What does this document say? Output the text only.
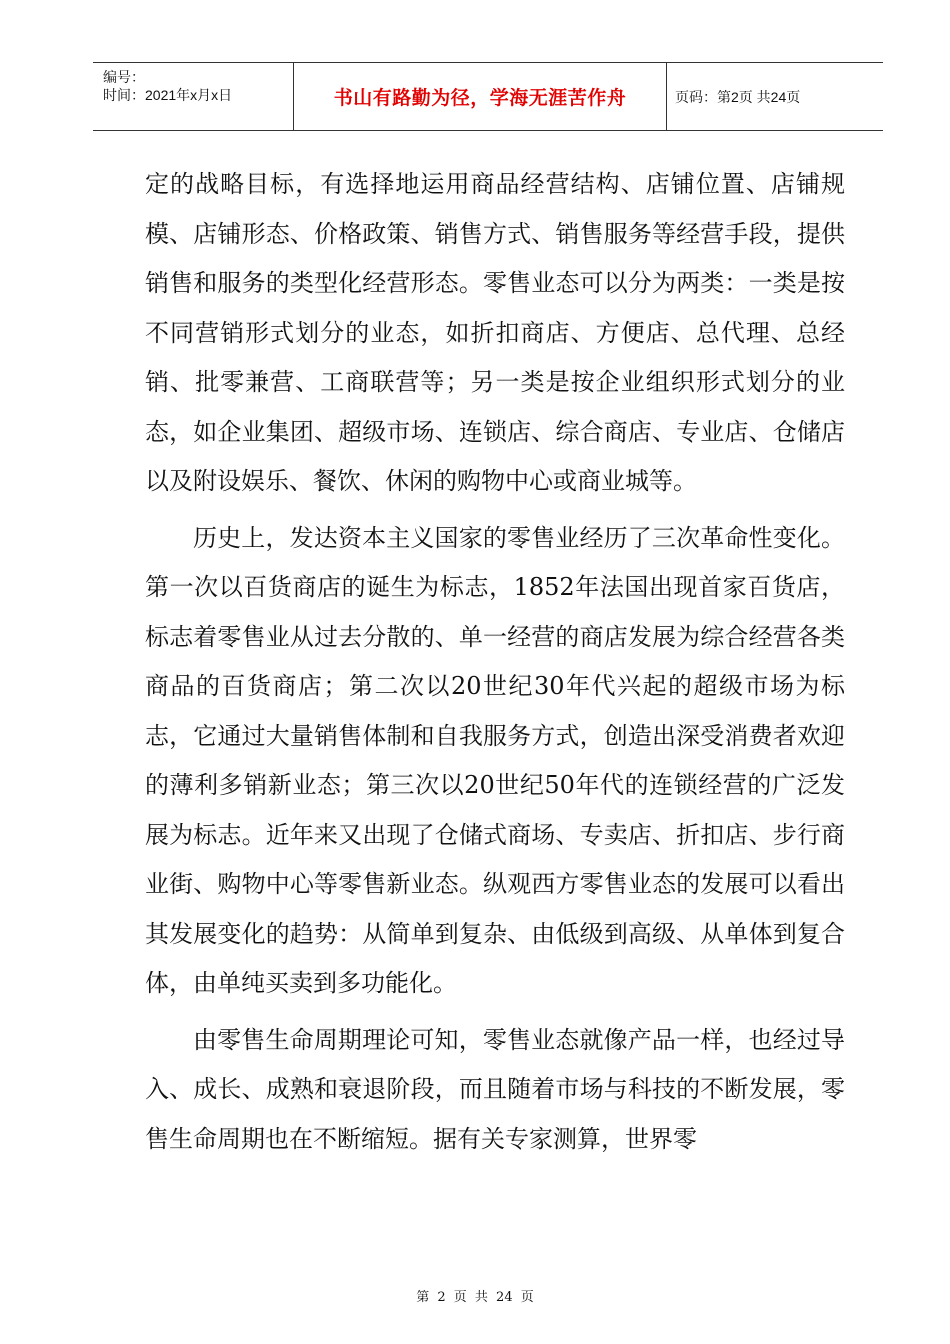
编号：
时间：2021年x月x日	书山有路勤为径，学海无涯苦作舟	页码：第2页 共24页

定的战略目标，有选择地运用商品经营结构、店铺位置、店铺规模、店铺形态、价格政策、销售方式、销售服务等经营手段，提供销售和服务的类型化经营形态。零售业态可以分为两类：一类是按不同营销形式划分的业态，如折扣商店、方便店、总代理、总经销、批零兼营、工商联营等；另一类是按企业组织形式划分的业态，如企业集团、超级市场、连锁店、综合商店、专业店、仓储店以及附设娱乐、餐饮、休闲的购物中心或商业城等。

历史上，发达资本主义国家的零售业经历了三次革命性变化。第一次以百货商店的诞生为标志，1852年法国出现首家百货店，标志着零售业从过去分散的、单一经营的商店发展为综合经营各类商品的百货商店；第二次以20世纪30年代兴起的超级市场为标志，它通过大量销售体制和自我服务方式，创造出深受消费者欢迎的薄利多销新业态；第三次以20世纪50年代的连锁经营的广泛发展为标志。近年来又出现了仓储式商场、专卖店、折扣店、步行商业街、购物中心等零售新业态。纵观西方零售业态的发展可以看出其发展变化的趋势：从简单到复杂、由低级到高级、从单体到复合体，由单纯买卖到多功能化。

由零售生命周期理论可知，零售业态就像产品一样，也经过导入、成长、成熟和衰退阶段，而且随着市场与科技的不断发展，零售生命周期也在不断缩短。据有关专家测算，世界零

第 2 页 共 24 页
